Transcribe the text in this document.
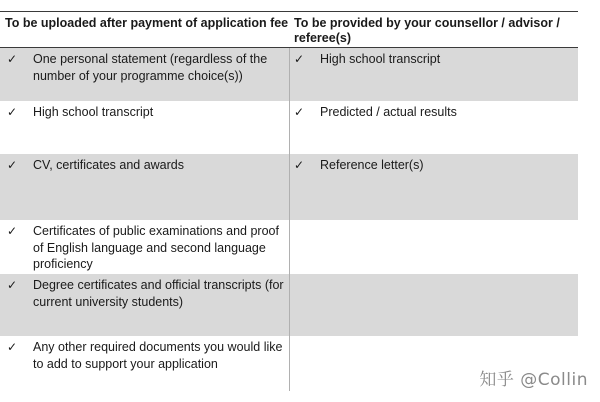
To be uploaded after payment of application fee To be provided by your counsellor / advisor / referee(s)
✓ One personal statement (regardless of the number of your programme choice(s))
✓ High school transcript
✓ High school transcript	✓ Predicted / actual results
✓ CV, certificates and awards	✓ Reference letter(s)
✓ Certificates of public examinations and proof of English language and second language proficiency
✓ Degree certificates and official transcripts (for current university students)
✓ Any other required documents you would like to add to support your application
知乎 @Collin
